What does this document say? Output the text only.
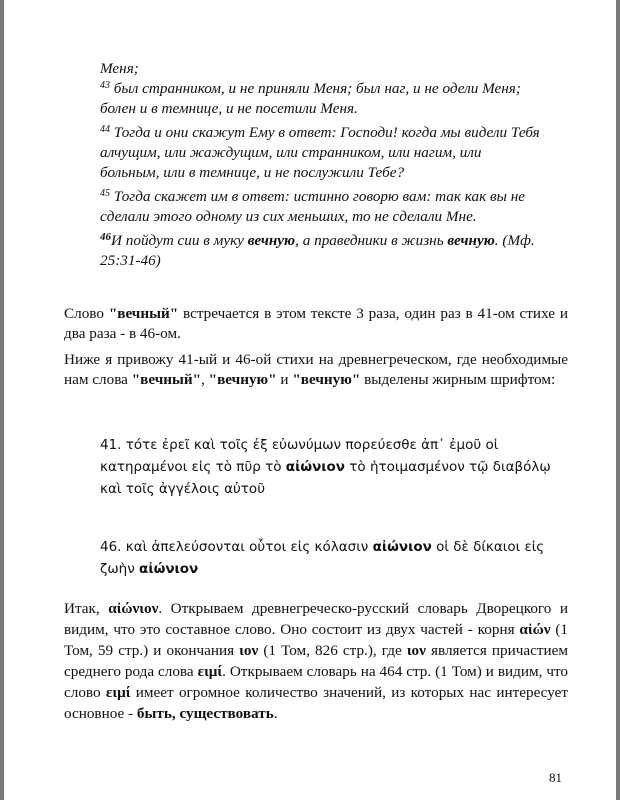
Меня;

$^{43}$ был странником, и не приняли Меня; был наг, и не одели Меня; болен и в темнице, и не посетили Меня.

$^{44}$ Тогда и они скажут Ему в ответ: Господи! когда мы видели Тебя алчущим, или жаждущим, или странником, или нагим, или больным, или в темнице, и не послужили Тебе?

$^{45}$ Тогда скажет им в ответ: истинно говорю вам: так как вы не сделали этого одному из сих меньших, то не сделали Мне.

$^{46}$И пойдут сии в муку вечную, а праведники в жизнь вечную. (Мф. 25:31-46)

Слово "вечный" встречается в этом тексте 3 раза, один раз в 41-ом стихе и два раза - в 46-ом.

Ниже я привожу 41-ый и 46-ой стихи на древнегреческом, где необходимые нам слова "вечный", "вечную" и "вечную" выделены жирным шрифтом:

41. τότε ἐρεῖ καὶ τοῖς ἐξ εὐωνύμων πορεύεσθε ἀπ᾽ ἐμοῦ οἱ κατηραμένοι εἰς τὸ πῦρ τὸ αἰώνιον τὸ ἡτοιμασμένον τῷ διαβόλῳ καὶ τοῖς ἀγγέλοις αὐτοῦ

46. καὶ ἀπελεύσονται οὗτοι εἰς κόλασιν αἰώνιον οἱ δὲ δίκαιοι εἰς ζωὴν αἰώνιον

Итак, αἰώνιον. Открываем древнегреческо-русский словарь Дворецкого и видим, что это составное слово. Оно состоит из двух частей - корня αἰών (1 Том, 59 стр.) и окончания ιον (1 Том, 826 стр.), где ιον является причастием среднего рода слова ειμί. Открываем словарь на 464 стр. (1 Том) и видим, что слово ειμί имеет огромное количество значений, из которых нас интересует основное - быть, существовать.

81
